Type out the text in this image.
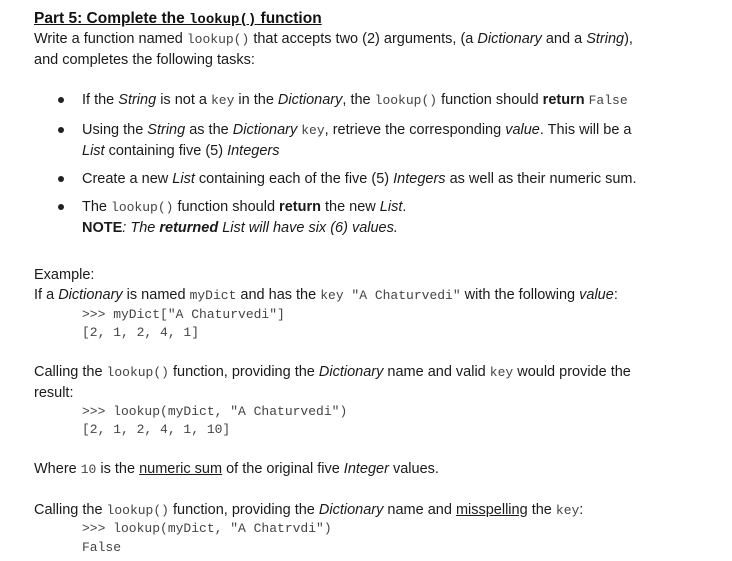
Part 5: Complete the lookup() function
Write a function named lookup() that accepts two (2) arguments, (a Dictionary and a String),
and completes the following tasks:
If the String is not a key in the Dictionary, the lookup() function should return False
Using the String as the Dictionary key, retrieve the corresponding value. This will be a
List containing five (5) Integers
Create a new List containing each of the five (5) Integers as well as their numeric sum.
The lookup() function should return the new List.
NOTE: The returned List will have six (6) values.
Example:
If a Dictionary is named myDict and has the key "A Chaturvedi" with the following value:
>>> myDict["A Chaturvedi"]
[2, 1, 2, 4, 1]
Calling the lookup() function, providing the Dictionary name and valid key would provide the
result:
>>> lookup(myDict, "A Chaturvedi")
[2, 1, 2, 4, 1, 10]
Where 10 is the numeric sum of the original five Integer values.
Calling the lookup() function, providing the Dictionary name and misspelling the key:
>>> lookup(myDict, "A Chatrvdi")
False
